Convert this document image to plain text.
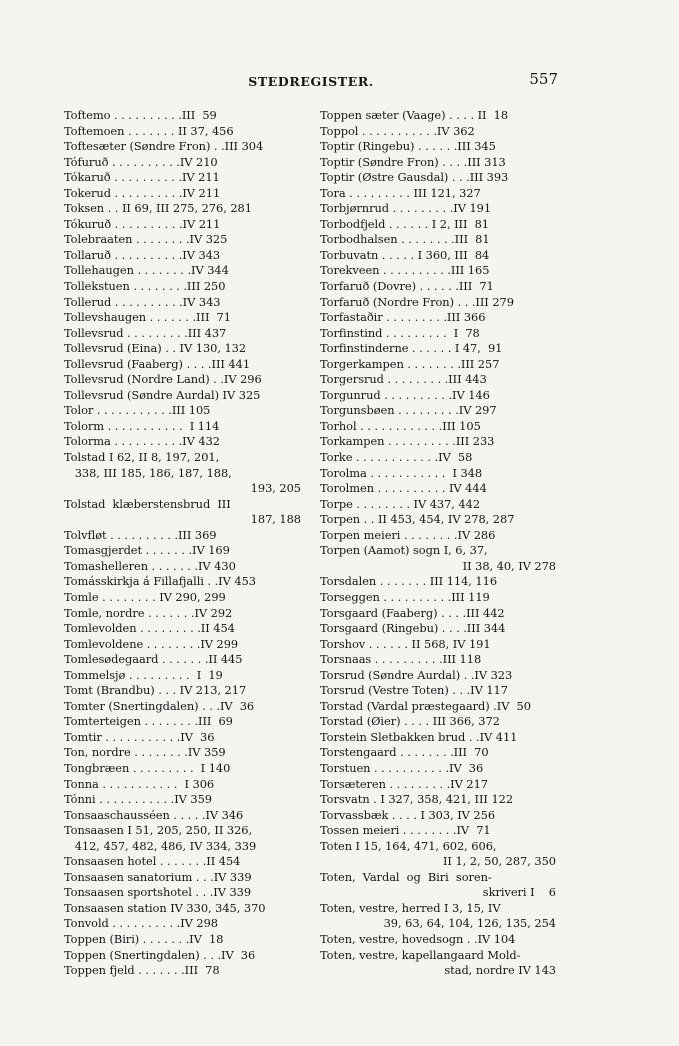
STEDREGISTER.	557
Toftemo . . . . . . . . . .III  59
Toftemoen . . . . . . . II 37, 456
Toftesæter (Søndre Fron) . .III 304
Tófuruð . . . . . . . . . .IV 210
Tókaruð . . . . . . . . . .IV 211
Tokerud . . . . . . . . . .IV 211
Toksen . . II 69, III 275, 276, 281
Tókuruð . . . . . . . . . .IV 211
Tolebraaten . . . . . . . .IV 325
Tollaruð . . . . . . . . . .IV 343
Tollehaugen . . . . . . . .IV 344
Tollekstuen . . . . . . . .III 250
Tollerud . . . . . . . . . .IV 343
Tollevshaugen . . . . . . .III  71
Tollevsrud . . . . . . . . .III 437
Tollevsrud (Eina) . . IV 130, 132
Tollevsrud (Faaberg) . . . .III 441
Tollevsrud (Nordre Land) . .IV 296
Tollevsrud (Søndre Aurdal) IV 325
Tolor . . . . . . . . . . .III 105
Tolorm . . . . . . . . . . .  I 114
Tolorma . . . . . . . . . .IV 432
Tolstad I 62, II 8, 197, 201,
338, III 185, 186, 187, 188,
193, 205
Tolstad  klæberstensbrud  III
187, 188
Tolvfløt . . . . . . . . . .III 369
Tomasgjerdet . . . . . . .IV 169
Tomashelleren . . . . . . .IV 430
Tomásskirkja á Fillafjalli . .IV 453
Tomle . . . . . . . . IV 290, 299
Tomle, nordre . . . . . . .IV 292
Tomlevolden . . . . . . . . .II 454
Tomlevoldene . . . . . . . .IV 299
Tomlesødegaard . . . . . . .II 445
Tommelsjø . . . . . . . . .  I  19
Tomt (Brandbu) . . . IV 213, 217
Tomter (Snertingdalen) . . .IV  36
Tomterteigen . . . . . . . .III  69
Tomtir . . . . . . . . . . .IV  36
Ton, nordre . . . . . . . .IV 359
Tongbræen . . . . . . . . .  I 140
Tonna . . . . . . . . . . .  I 306
Tónni . . . . . . . . . . .IV 359
Tonsaaschausséen . . . . .IV 346
Tonsaasen I 51, 205, 250, II 326,
412, 457, 482, 486, IV 334, 339
Tonsaasen hotel . . . . . . .II 454
Tonsaasen sanatorium . . .IV 339
Tonsaasen sportshotel . . .IV 339
Tonsaasen station IV 330, 345, 370
Tonvold . . . . . . . . . .IV 298
Toppen (Biri) . . . . . . .IV  18
Toppen (Snertingdalen) . . .IV  36
Toppen fjeld . . . . . . .III  78
Toppen sæter (Vaage) . . . . II  18
Toppol . . . . . . . . . . .IV 362
Toptir (Ringebu) . . . . . .III 345
Toptir (Søndre Fron) . . . .III 313
Toptir (Østre Gausdal) . . .III 393
Tora . . . . . . . . . III 121, 327
Torbjørnrud . . . . . . . . .IV 191
Torbodfjeld . . . . . . I 2, III  81
Torbodhalsen . . . . . . . .III  81
Torbuvatn . . . . . I 360, III  84
Torekveen . . . . . . . . . .III 165
Torfaruð (Dovre) . . . . . .III  71
Torfaruð (Nordre Fron) . . .III 279
Torfastaðir . . . . . . . . .III 366
Torfinstind . . . . . . . . .  I  78
Torfinstinderne . . . . . . I 47,  91
Torgerkampen . . . . . . . .III 257
Torgersrud . . . . . . . . .III 443
Torgunrud . . . . . . . . . .IV 146
Torgunsbøen . . . . . . . . .IV 297
Torhol . . . . . . . . . . . .III 105
Torkampen . . . . . . . . . .III 233
Torke . . . . . . . . . . . .IV  58
Torolma . . . . . . . . . . .  I 348
Torolmen . . . . . . . . . . IV 444
Torpe . . . . . . . . IV 437, 442
Torpen . . II 453, 454, IV 278, 287
Torpen meieri . . . . . . . .IV 286
Torpen (Aamot) sogn I, 6, 37,
II 38, 40, IV 278
Torsdalen . . . . . . . III 114, 116
Torseggen . . . . . . . . . .III 119
Torsgaard (Faaberg) . . . .III 442
Torsgaard (Ringebu) . . . .III 344
Torshov . . . . . . II 568, IV 191
Torsnaas . . . . . . . . . .III 118
Torsrud (Søndre Aurdal) . .IV 323
Torsrud (Vestre Toten) . . .IV 117
Torstad (Vardal præstegaard) .IV  50
Torstad (Øier) . . . . III 366, 372
Torstein Sletbakken brud . .IV 411
Torstengaard . . . . . . . .III  70
Torstuen . . . . . . . . . . .IV  36
Torsæteren . . . . . . . . .IV 217
Torsvatn . I 327, 358, 421, III 122
Torvassbæk . . . . I 303, IV 256
Tossen meieri . . . . . . . .IV  71
Toten I 15, 164, 471, 602, 606,
II 1, 2, 50, 287, 350
Toten,  Vardal  og  Biri  soren-
skriveri I    6
Toten, vestre, herred I 3, 15, IV
39, 63, 64, 104, 126, 135, 254
Toten, vestre, hovedsogn . .IV 104
Toten, vestre, kapellangaard Mold-
stad, nordre IV 143
